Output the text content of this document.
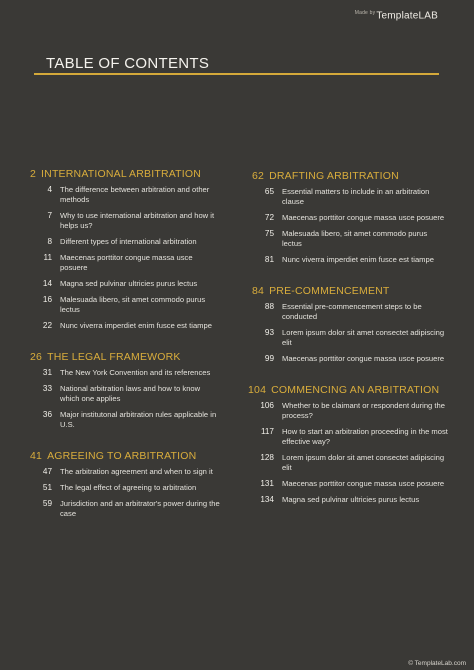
$^{Made by}$TemplateLAB
TABLE OF CONTENTS
2 INTERNATIONAL ARBITRATION
4	The difference between arbitration and other methods
7	Why to use international arbitration and how it helps us?
8	Different types of international arbitration
11	Maecenas porttitor congue massa usce posuere
14	Magna sed pulvinar ultricies purus lectus
16	Malesuada libero, sit amet commodo purus lectus
22	Nunc viverra imperdiet enim fusce est tiampe
26 THE LEGAL FRAMEWORK
31	The New York Convention and its references
33	National arbitration laws and how to know which one applies
36	Major institutonal arbitration rules applicable in U.S.
41 AGREEING TO ARBITRATION
47	The arbitration agreement and when to sign it
51	The legal effect of agreeing to arbitration
59	Jurisdiction and an arbitrator's power during the case
62 DRAFTING ARBITRATION
65	Essential matters to include in an arbitration clause
72	Maecenas porttitor congue massa usce posuere
75	Malesuada libero, sit amet commodo purus lectus
81	Nunc viverra imperdiet enim fusce est tiampe
84 PRE-COMMENCEMENT
88	Essential pre-commencement steps to be conducted
93	Lorem ipsum dolor sit amet consectet adipiscing elit
99	Maecenas porttitor congue massa usce posuere
104 COMMENCING AN ARBITRATION
106	Whether to be claimant or respondent during the process?
117	How to start an arbitration proceeding in the most effective way?
128	Lorem ipsum dolor sit amet consectet adipiscing elit
131	Maecenas porttitor congue massa usce posuere
134	Magna sed pulvinar ultricies purus lectus
© TemplateLab.com
